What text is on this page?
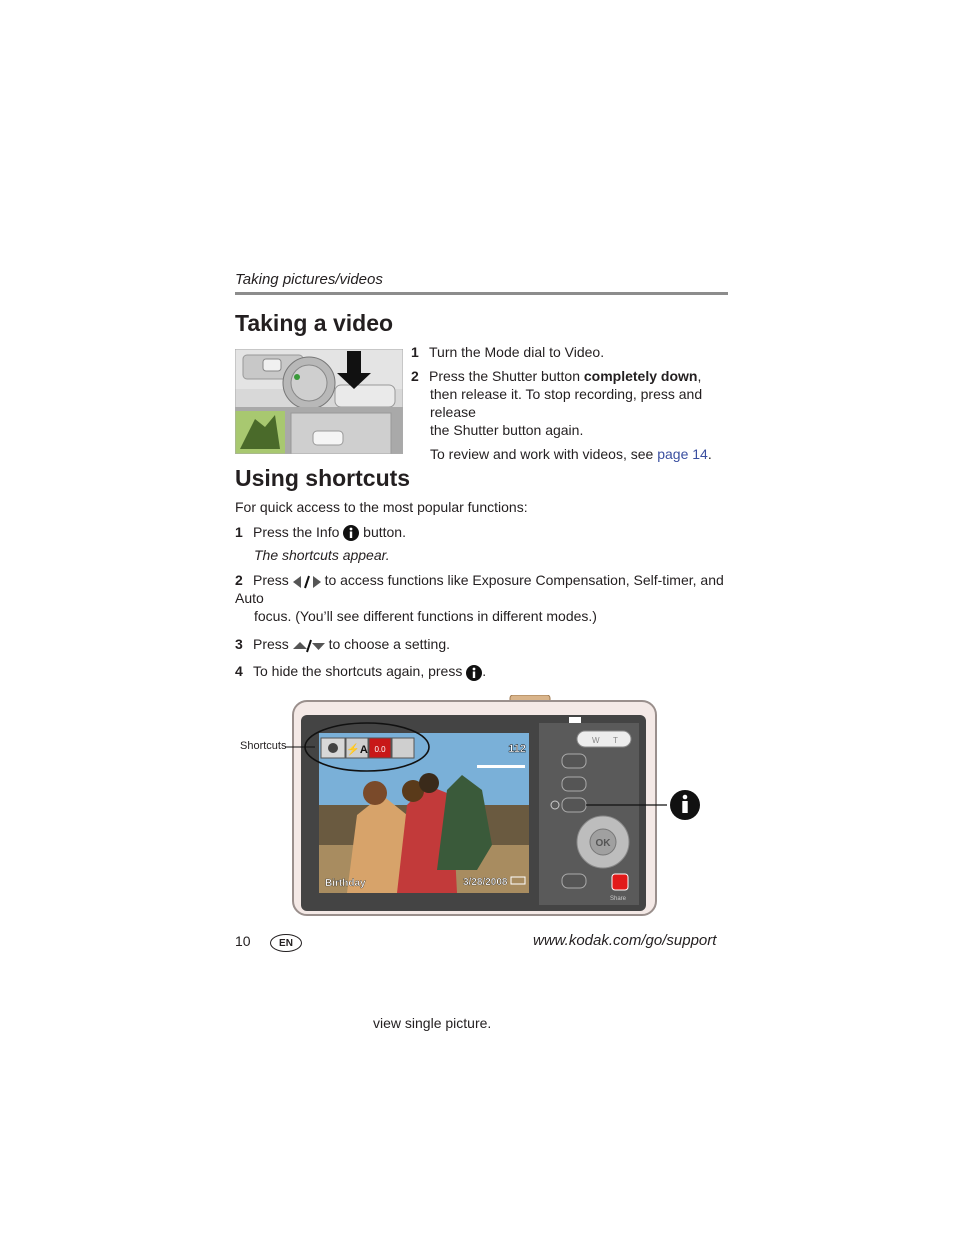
Taking pictures/videos
Taking a video
1 Turn the Mode dial to Video.
2 Press the Shutter button completely down,
then release it. To stop recording, press and release
the Shutter button again.
To review and work with videos, see page 14.
Using shortcuts
For quick access to the most popular functions:
1 Press the Info button.
The shortcuts appear.
2 Press	to access functions like Exposure Compensation, Self-timer, and Auto
focus. (You’ll see different functions in different modes.)
3 Press	to choose a setting.
4 To hide the shortcuts again, press .
Shortcuts	0.0
⚡A	112
Birthday	3/28/2008
W T
OK
Share
10	EN	www.kodak.com/go/support
view single picture.
